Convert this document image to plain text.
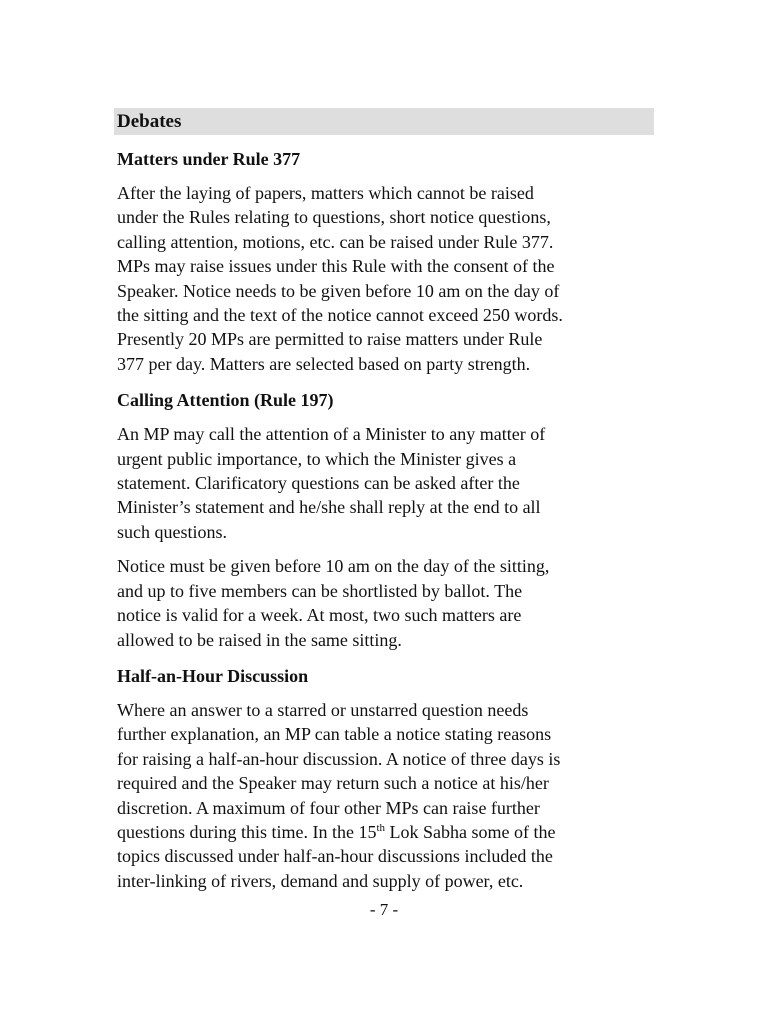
Debates
Matters under Rule 377
After the laying of papers, matters which cannot be raised
under the Rules relating to questions, short notice questions,
calling attention, motions, etc. can be raised under Rule 377.
MPs may raise issues under this Rule with the consent of the
Speaker. Notice needs to be given before 10 am on the day of
the sitting and the text of the notice cannot exceed 250 words.
Presently 20 MPs are permitted to raise matters under Rule
377 per day. Matters are selected based on party strength.
Calling Attention (Rule 197)
An MP may call the attention of a Minister to any matter of
urgent public importance, to which the Minister gives a
statement. Clarificatory questions can be asked after the
Minister’s statement and he/she shall reply at the end to all
such questions.
Notice must be given before 10 am on the day of the sitting,
and up to five members can be shortlisted by ballot. The
notice is valid for a week. At most, two such matters are
allowed to be raised in the same sitting.
Half-an-Hour Discussion
Where an answer to a starred or unstarred question needs
further explanation, an MP can table a notice stating reasons
for raising a half-an-hour discussion. A notice of three days is
required and the Speaker may return such a notice at his/her
discretion. A maximum of four other MPs can raise further
questions during this time. In the 15th Lok Sabha some of the
topics discussed under half-an-hour discussions included the
inter-linking of rivers, demand and supply of power, etc.
- 7 -
